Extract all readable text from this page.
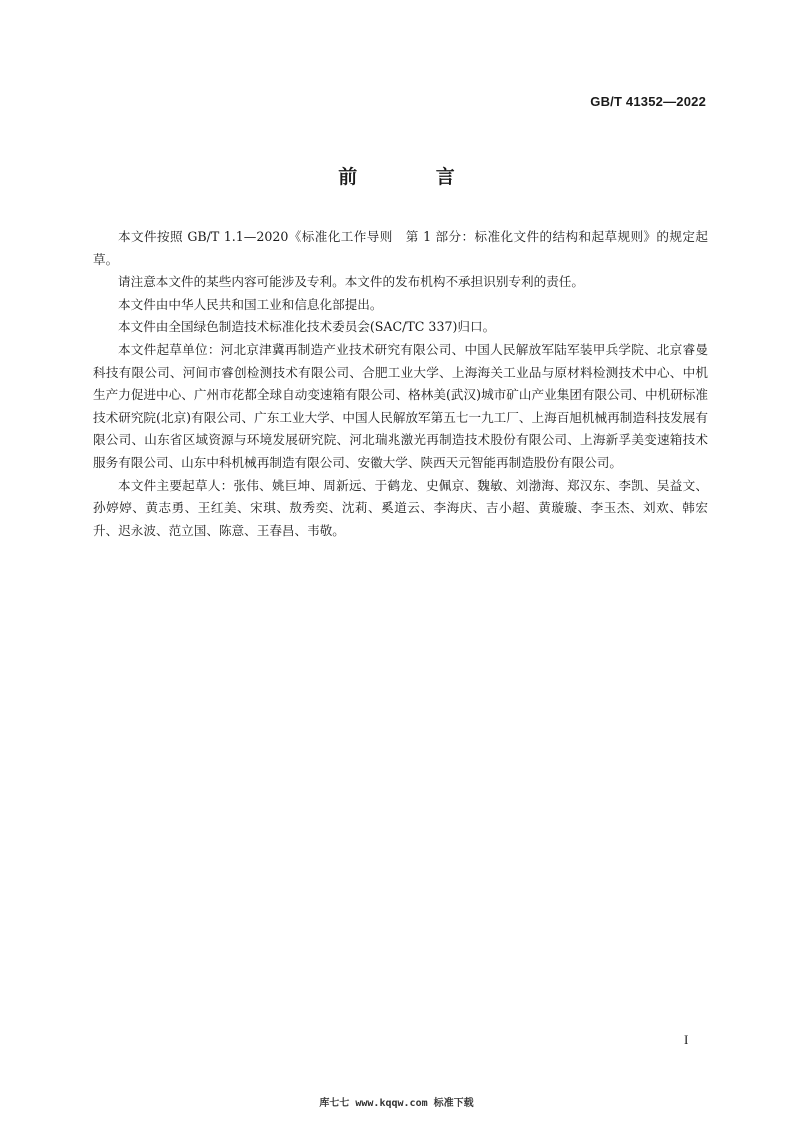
GB/T 41352—2022
前 言

本文件按照 GB/T 1.1—2020《标准化工作导则　第 1 部分：标准化文件的结构和起草规则》的规定起草。

请注意本文件的某些内容可能涉及专利。本文件的发布机构不承担识别专利的责任。

本文件由中华人民共和国工业和信息化部提出。

本文件由全国绿色制造技术标准化技术委员会(SAC/TC 337)归口。

本文件起草单位：河北京津冀再制造产业技术研究有限公司、中国人民解放军陆军装甲兵学院、北京睿曼科技有限公司、河间市睿创检测技术有限公司、合肥工业大学、上海海关工业品与原材料检测技术中心、中机生产力促进中心、广州市花都全球自动变速箱有限公司、格林美(武汉)城市矿山产业集团有限公司、中机研标准技术研究院(北京)有限公司、广东工业大学、中国人民解放军第五七一九工厂、上海百旭机械再制造科技发展有限公司、山东省区域资源与环境发展研究院、河北瑞兆激光再制造技术股份有限公司、上海新孚美变速箱技术服务有限公司、山东中科机械再制造有限公司、安徽大学、陕西天元智能再制造股份有限公司。

本文件主要起草人：张伟、姚巨坤、周新远、于鹤龙、史佩京、魏敏、刘渤海、郑汉东、李凯、吴益文、孙婷婷、黄志勇、王红美、宋琪、敖秀奕、沈莉、奚道云、李海庆、吉小超、黄璇璇、李玉杰、刘欢、韩宏升、迟永波、范立国、陈意、王春昌、韦敬。

I
库七七 www.kqqw.com 标准下载
